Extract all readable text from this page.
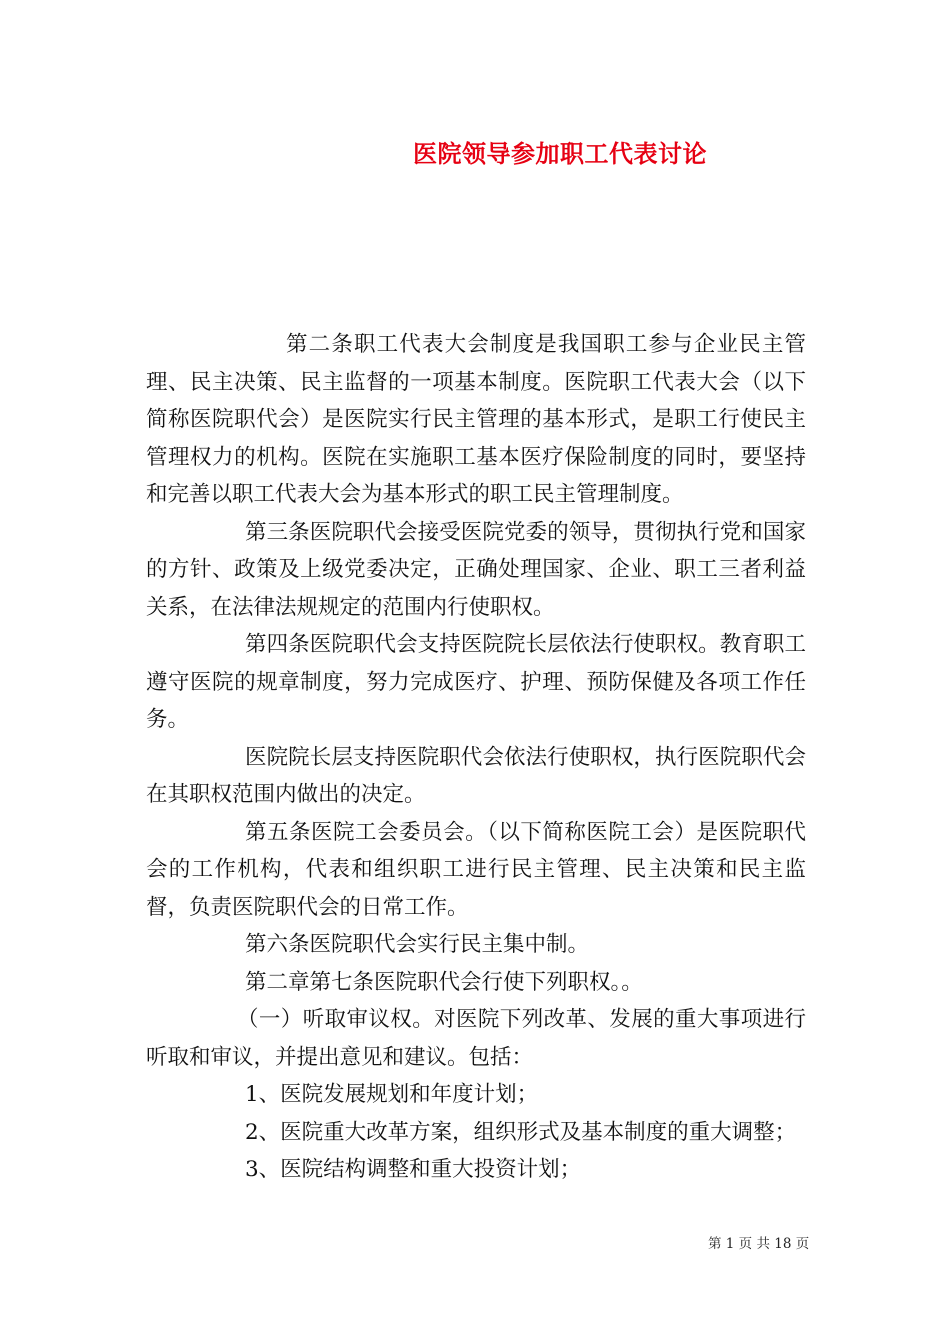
医院领导参加职工代表讨论

第二条职工代表大会制度是我国职工参与企业民主管理、民主决策、民主监督的一项基本制度。医院职工代表大会（以下简称医院职代会）是医院实行民主管理的基本形式，是职工行使民主管理权力的机构。医院在实施职工基本医疗保险制度的同时，要坚持和完善以职工代表大会为基本形式的职工民主管理制度。

第三条医院职代会接受医院党委的领导，贯彻执行党和国家的方针、政策及上级党委决定，正确处理国家、企业、职工三者利益关系，在法律法规规定的范围内行使职权。

第四条医院职代会支持医院院长层依法行使职权。教育职工遵守医院的规章制度，努力完成医疗、护理、预防保健及各项工作任务。

医院院长层支持医院职代会依法行使职权，执行医院职代会在其职权范围内做出的决定。

第五条医院工会委员会。（以下简称医院工会）是医院职代会的工作机构，代表和组织职工进行民主管理、民主决策和民主监督，负责医院职代会的日常工作。

第六条医院职代会实行民主集中制。

第二章第七条医院职代会行使下列职权。。

（一）听取审议权。对医院下列改革、发展的重大事项进行听取和审议，并提出意见和建议。包括：

1、医院发展规划和年度计划；

2、医院重大改革方案，组织形式及基本制度的重大调整；

3、医院结构调整和重大投资计划；

第 1 页 共 18 页
